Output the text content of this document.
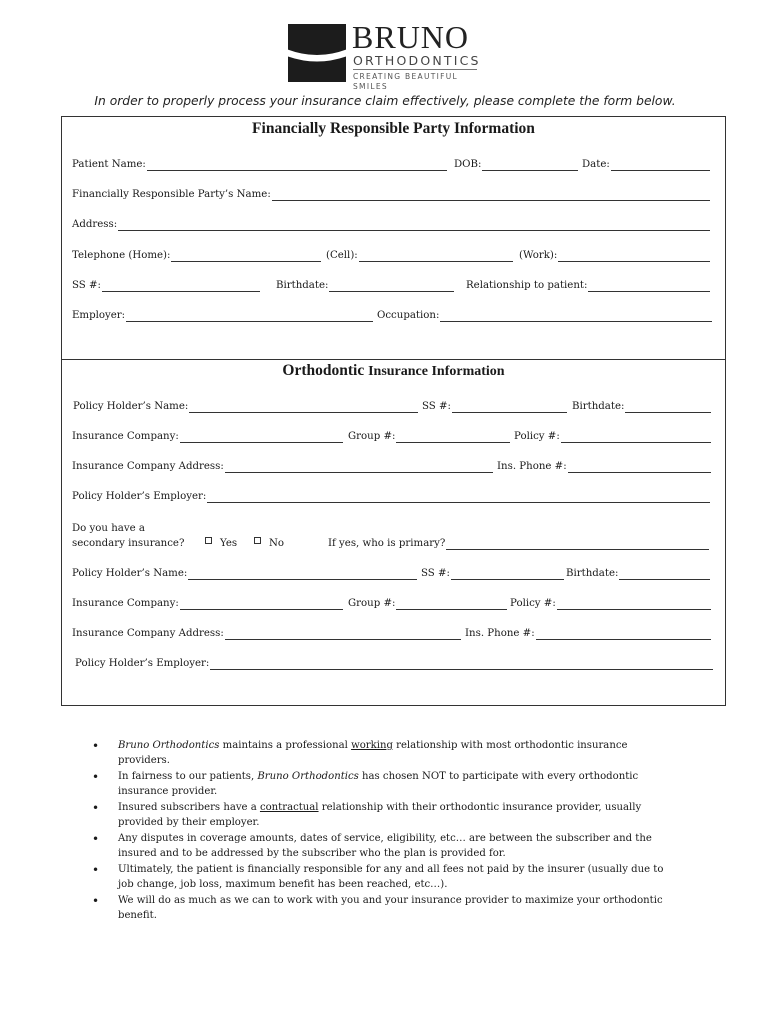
BRUNO
ORTHODONTICS
CREATING BEAUTIFUL SMILES
In order to properly process your insurance claim effectively, please complete the form below.
Financially Responsible Party Information
Patient Name:	DOB:	Date:
Financially Responsible Party’s Name:
Address:
Telephone (Home):	(Cell):	(Work):
SS #:	Birthdate:	Relationship to patient:
Employer:	Occupation:
Orthodontic Insurance Information
Policy Holder’s Name:	SS #:	Birthdate:
Insurance Company:	Group #:	Policy #:
Insurance Company Address:	Ins. Phone #:
Policy Holder’s Employer:
Do you have a
secondary insurance?	Yes	No	If yes, who is primary?
Policy Holder’s Name:	SS #:	Birthdate:
Insurance Company:	Group #:	Policy #:
Insurance Company Address:	Ins. Phone #:
Policy Holder’s Employer:
• Bruno Orthodontics maintains a professional working relationship with most orthodontic insurance providers.
• In fairness to our patients, Bruno Orthodontics has chosen NOT to participate with every orthodontic insurance provider.
• Insured subscribers have a contractual relationship with their orthodontic insurance provider, usually provided by their employer.
• Any disputes in coverage amounts, dates of service, eligibility, etc… are between the subscriber and the insured and to be addressed by the subscriber who the plan is provided for.
• Ultimately, the patient is financially responsible for any and all fees not paid by the insurer (usually due to job change, job loss, maximum benefit has been reached, etc…).
• We will do as much as we can to work with you and your insurance provider to maximize your orthodontic benefit.
